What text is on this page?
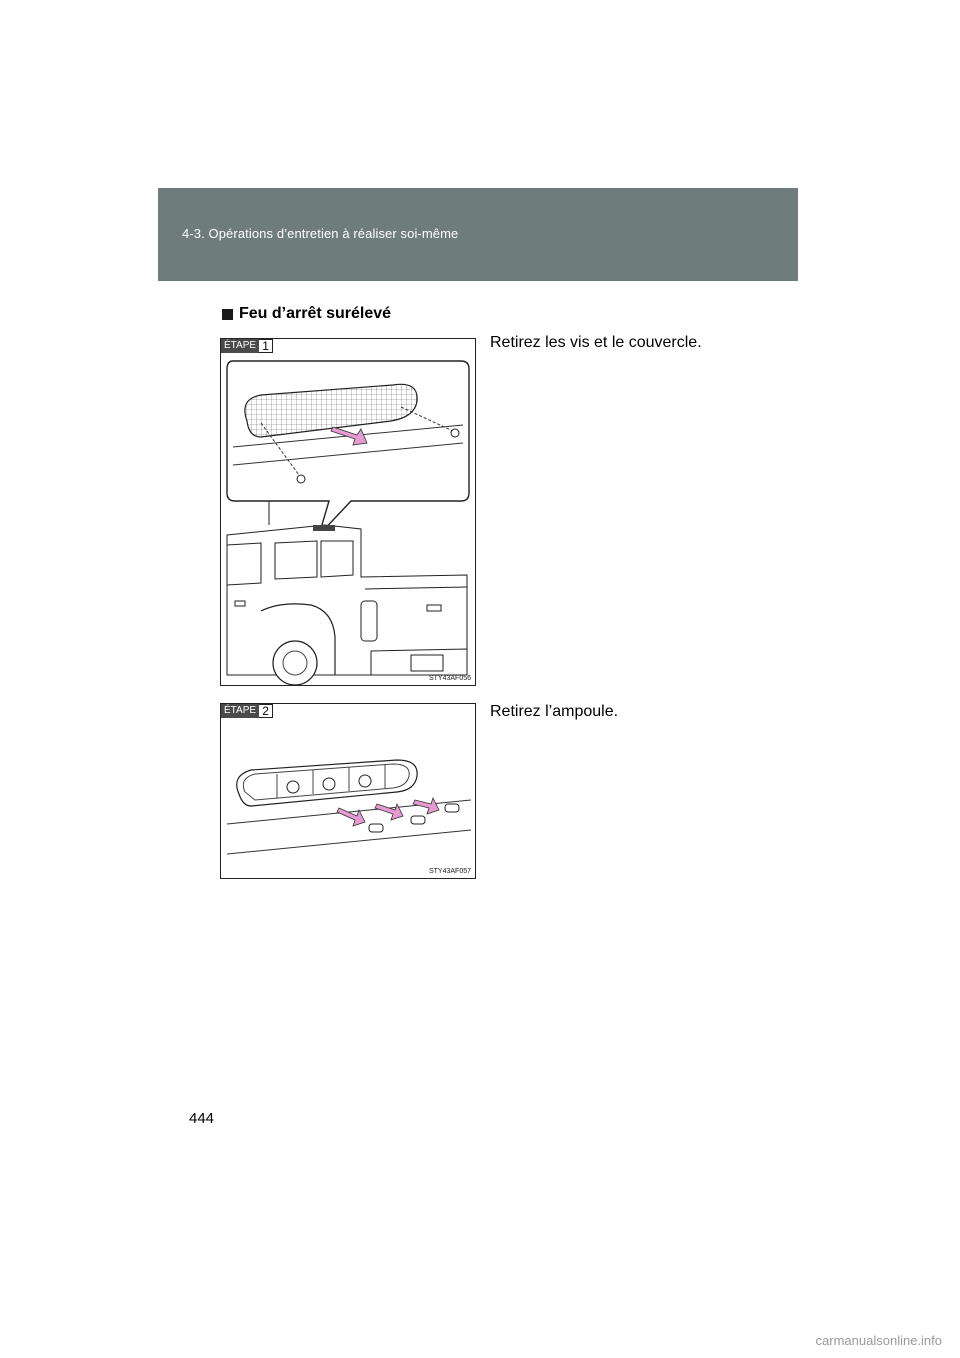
4-3. Opérations d’entretien à réaliser soi-même
Feu d’arrêt surélevé
ÉTAPE 1
STY43AF056
Retirez les vis et le couvercle.
ÉTAPE 2
STY43AF057
Retirez l’ampoule.
444
carmanualsonline.info
